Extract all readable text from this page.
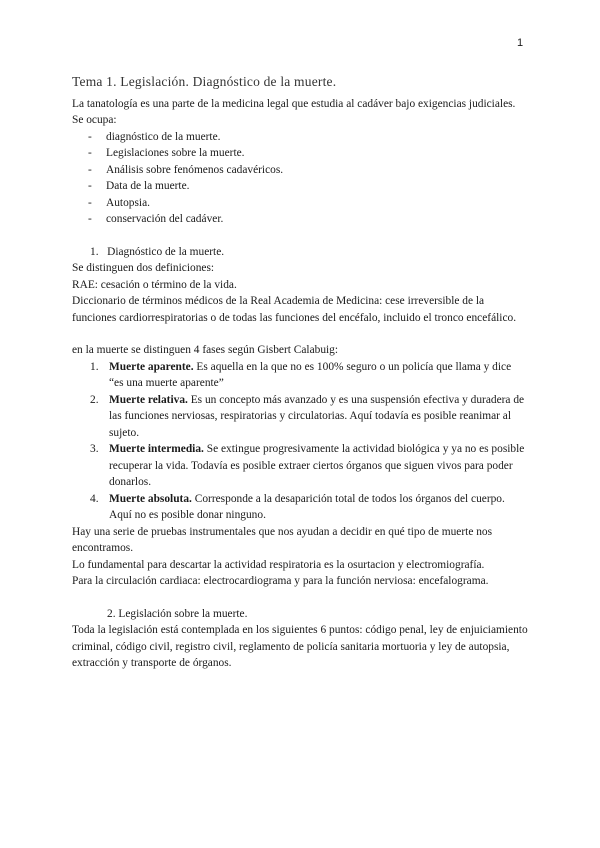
1
Tema 1. Legislación. Diagnóstico de la muerte.

La tanatología es una parte de la medicina legal que estudia al cadáver bajo exigencias judiciales.

Se ocupa:

- diagnóstico de la muerte.
- Legislaciones sobre la muerte.
- Análisis sobre fenómenos cadavéricos.
- Data de la muerte.
- Autopsia.
- conservación del cadáver.

1. Diagnóstico de la muerte.

Se distinguen dos definiciones:

RAE: cesación o término de la vida.

Diccionario de términos médicos de la Real Academia de Medicina: cese irreversible de la funciones cardiorrespiratorias o de todas las funciones del encéfalo, incluido el tronco encefálico.

en la muerte se distinguen 4 fases según Gisbert Calabuig:

1. Muerte aparente. Es aquella en la que no es 100% seguro o un policía que llama y dice “es una muerte aparente”
2. Muerte relativa. Es un concepto más avanzado y es una suspensión efectiva y duradera de las funciones nerviosas, respiratorias y circulatorias. Aquí todavía es posible reanimar al sujeto.
3. Muerte intermedia. Se extingue progresivamente la actividad biológica y ya no es posible recuperar la vida. Todavía es posible extraer ciertos órganos que siguen vivos para poder donarlos.
4. Muerte absoluta. Corresponde a la desaparición total de todos los órganos del cuerpo. Aquí no es posible donar ninguno.

Hay una serie de pruebas instrumentales que nos ayudan a decidir en qué tipo de muerte nos encontramos.

Lo fundamental para descartar la actividad respiratoria es la osurtacion y electromiografía.

Para la circulación cardiaca: electrocardiograma y para la función nerviosa: encefalograma.

2. Legislación sobre la muerte.

Toda la legislación está contemplada en los siguientes 6 puntos: código penal, ley de enjuiciamiento criminal, código civil, registro civil, reglamento de policía sanitaria mortuoria y ley de autopsia, extracción y transporte de órganos.
